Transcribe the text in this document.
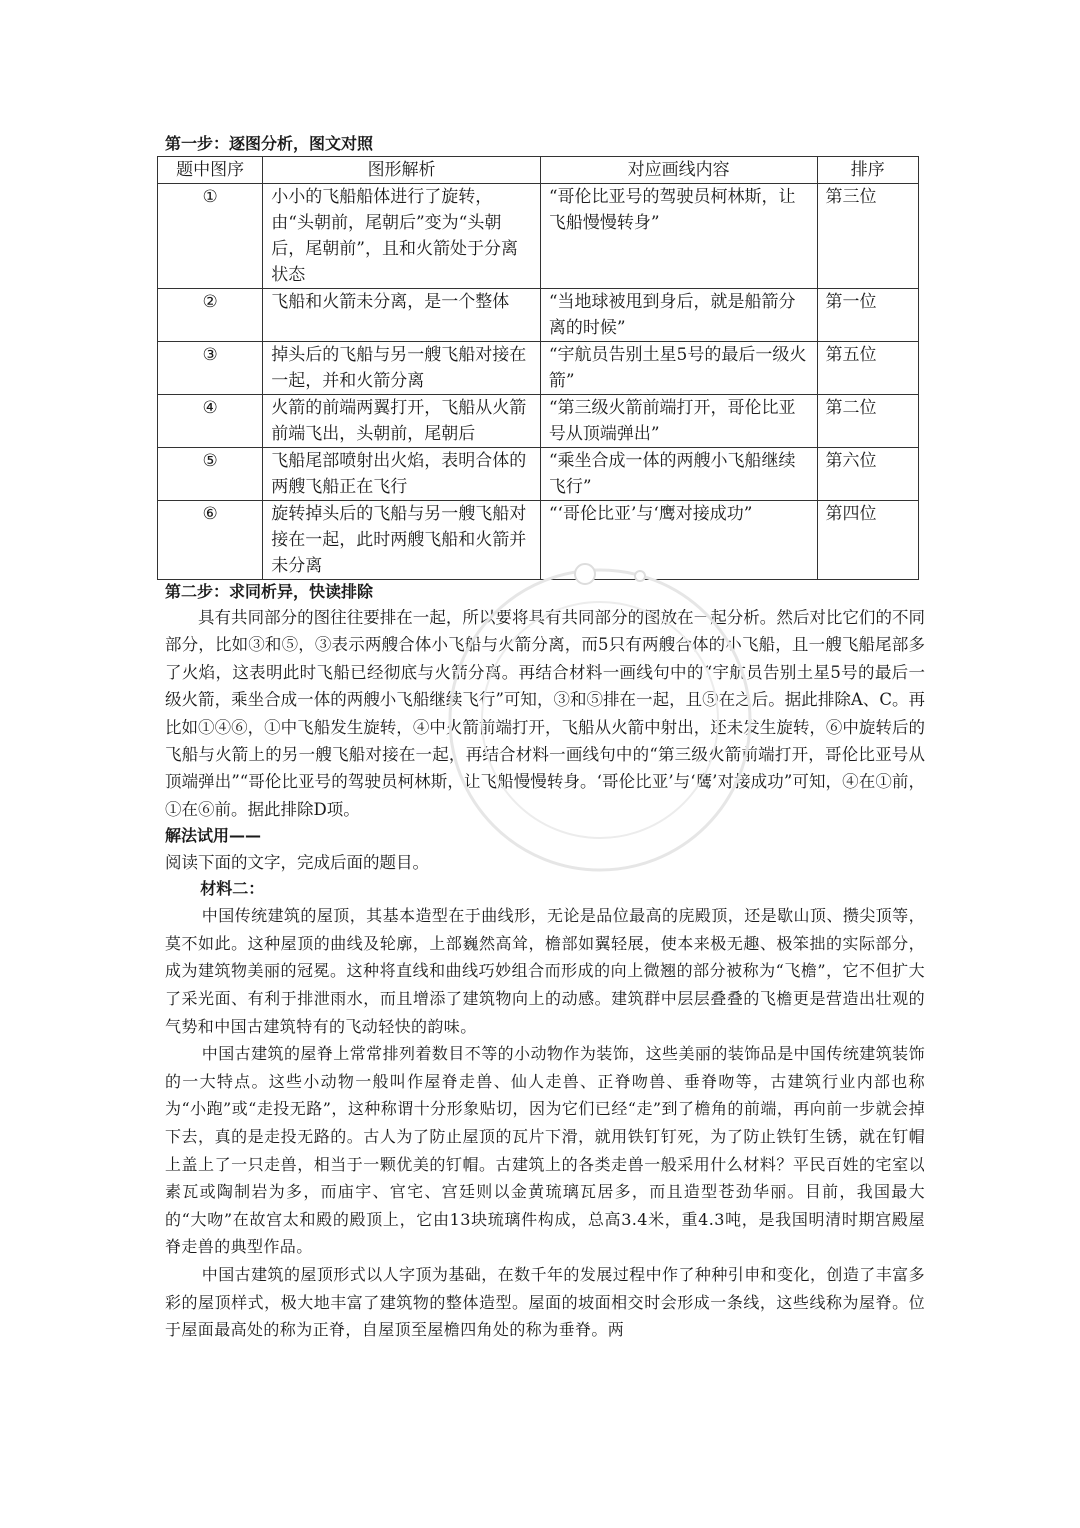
第一步：逐图分析，图文对照

题中图序	图形解析	对应画线内容	排序
①	小小的飞船船体进行了旋转，由“头朝前，尾朝后”变为“头朝后，尾朝前”，且和火箭处于分离状态	“哥伦比亚号的驾驶员柯林斯，让飞船慢慢转身”	第三位
②	飞船和火箭未分离，是一个整体	“当地球被甩到身后，就是船箭分离的时候”	第一位
③	掉头后的飞船与另一艘飞船对接在一起，并和火箭分离	“宇航员告别土星5号的最后一级火箭”	第五位
④	火箭的前端两翼打开，飞船从火箭前端飞出，头朝前，尾朝后	“第三级火箭前端打开，哥伦比亚号从顶端弹出”	第二位
⑤	飞船尾部喷射出火焰，表明合体的两艘飞船正在飞行	“乘坐合成一体的两艘小飞船继续飞行”	第六位
⑥	旋转掉头后的飞船与另一艘飞船对接在一起，此时两艘飞船和火箭并未分离	“‘哥伦比亚’与‘鹰对接成功”	第四位

第二步：求同析异，快读排除

具有共同部分的图往往要排在一起，所以要将具有共同部分的图放在一起分析。然后对比它们的不同部分，比如③和⑤，③表示两艘合体小飞船与火箭分离，而5只有两艘合体的小飞船，且一艘飞船尾部多了火焰，这表明此时飞船已经彻底与火箭分离。再结合材料一画线句中的“宇航员告别土星5号的最后一级火箭，乘坐合成一体的两艘小飞船继续飞行”可知，③和⑤排在一起，且⑤在之后。据此排除A、C。再比如①④⑥，①中飞船发生旋转，④中火箭前端打开，飞船从火箭中射出，还未发生旋转，⑥中旋转后的飞船与火箭上的另一艘飞船对接在一起，再结合材料一画线句中的“第三级火箭前端打开，哥伦比亚号从顶端弹出”“哥伦比亚号的驾驶员柯林斯，让飞船慢慢转身。‘哥伦比亚’与‘鹰’对接成功”可知，④在①前，①在⑥前。据此排除D项。

解法试用——

阅读下面的文字，完成后面的题目。

材料二：

中国传统建筑的屋顶，其基本造型在于曲线形，无论是品位最高的庑殿顶，还是歇山顶、攒尖顶等，莫不如此。这种屋顶的曲线及轮廓，上部巍然高耸，檐部如翼轻展，使本来极无趣、极笨拙的实际部分，成为建筑物美丽的冠冕。这种将直线和曲线巧妙组合而形成的向上微翘的部分被称为“飞檐”，它不但扩大了采光面、有利于排泄雨水，而且增添了建筑物向上的动感。建筑群中层层叠叠的飞檐更是营造出壮观的气势和中国古建筑特有的飞动轻快的韵味。

中国古建筑的屋脊上常常排列着数目不等的小动物作为装饰，这些美丽的装饰品是中国传统建筑装饰的一大特点。这些小动物一般叫作屋脊走兽、仙人走兽、正脊吻兽、垂脊吻等，古建筑行业内部也称为“小跑”或“走投无路”，这种称谓十分形象贴切，因为它们已经“走”到了檐角的前端，再向前一步就会掉下去，真的是走投无路的。古人为了防止屋顶的瓦片下滑，就用铁钉钉死，为了防止铁钉生锈，就在钉帽上盖上了一只走兽，相当于一颗优美的钉帽。古建筑上的各类走兽一般采用什么材料？平民百姓的宅室以素瓦或陶制岩为多，而庙宇、官宅、宫廷则以金黄琉璃瓦居多，而且造型苍劲华丽。目前，我国最大的“大吻”在故宫太和殿的殿顶上，它由13块琉璃件构成，总高3.4米，重4.3吨，是我国明清时期宫殿屋脊走兽的典型作品。

中国古建筑的屋顶形式以人字顶为基础，在数千年的发展过程中作了种种引申和变化，创造了丰富多彩的屋顶样式，极大地丰富了建筑物的整体造型。屋面的坡面相交时会形成一条线，这些线称为屋脊。位于屋面最高处的称为正脊，自屋顶至屋檐四角处的称为垂脊。两
